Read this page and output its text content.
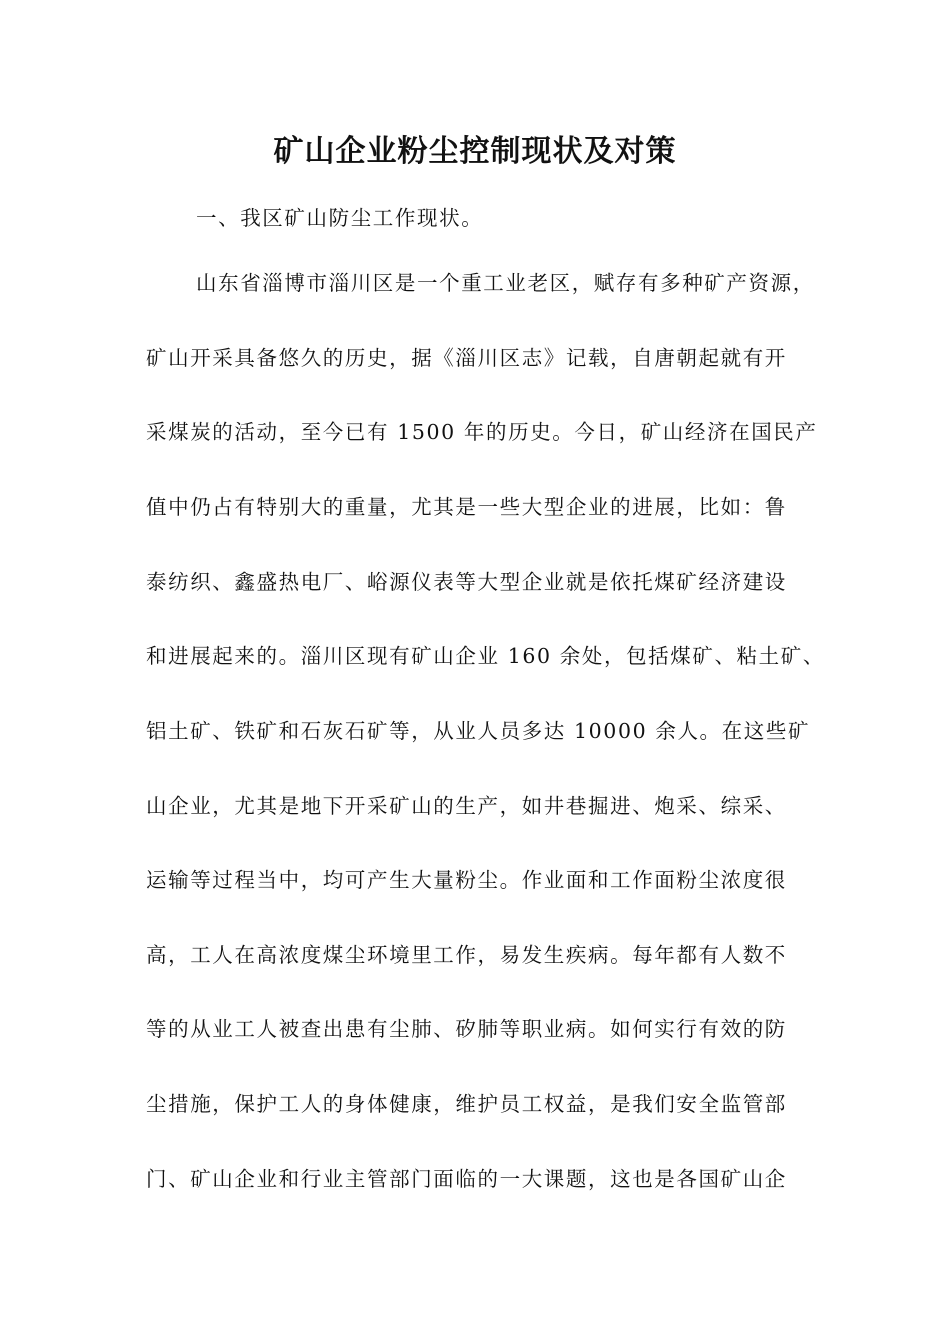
矿山企业粉尘控制现状及对策
一、我区矿山防尘工作现状。
山东省淄博市淄川区是一个重工业老区，赋存有多种矿产资源，
矿山开采具备悠久的历史，据《淄川区志》记载，自唐朝起就有开
采煤炭的活动，至今已有 1500 年的历史。今日，矿山经济在国民产
值中仍占有特别大的重量，尤其是一些大型企业的进展，比如：鲁
泰纺织、鑫盛热电厂、峪源仪表等大型企业就是依托煤矿经济建设
和进展起来的。淄川区现有矿山企业 160 余处，包括煤矿、粘土矿、
铝土矿、铁矿和石灰石矿等，从业人员多达 10000 余人。在这些矿
山企业，尤其是地下开采矿山的生产，如井巷掘进、炮采、综采、
运输等过程当中，均可产生大量粉尘。作业面和工作面粉尘浓度很
高，工人在高浓度煤尘环境里工作，易发生疾病。每年都有人数不
等的从业工人被查出患有尘肺、矽肺等职业病。如何实行有效的防
尘措施，保护工人的身体健康，维护员工权益，是我们安全监管部
门、矿山企业和行业主管部门面临的一大课题，这也是各国矿山企
